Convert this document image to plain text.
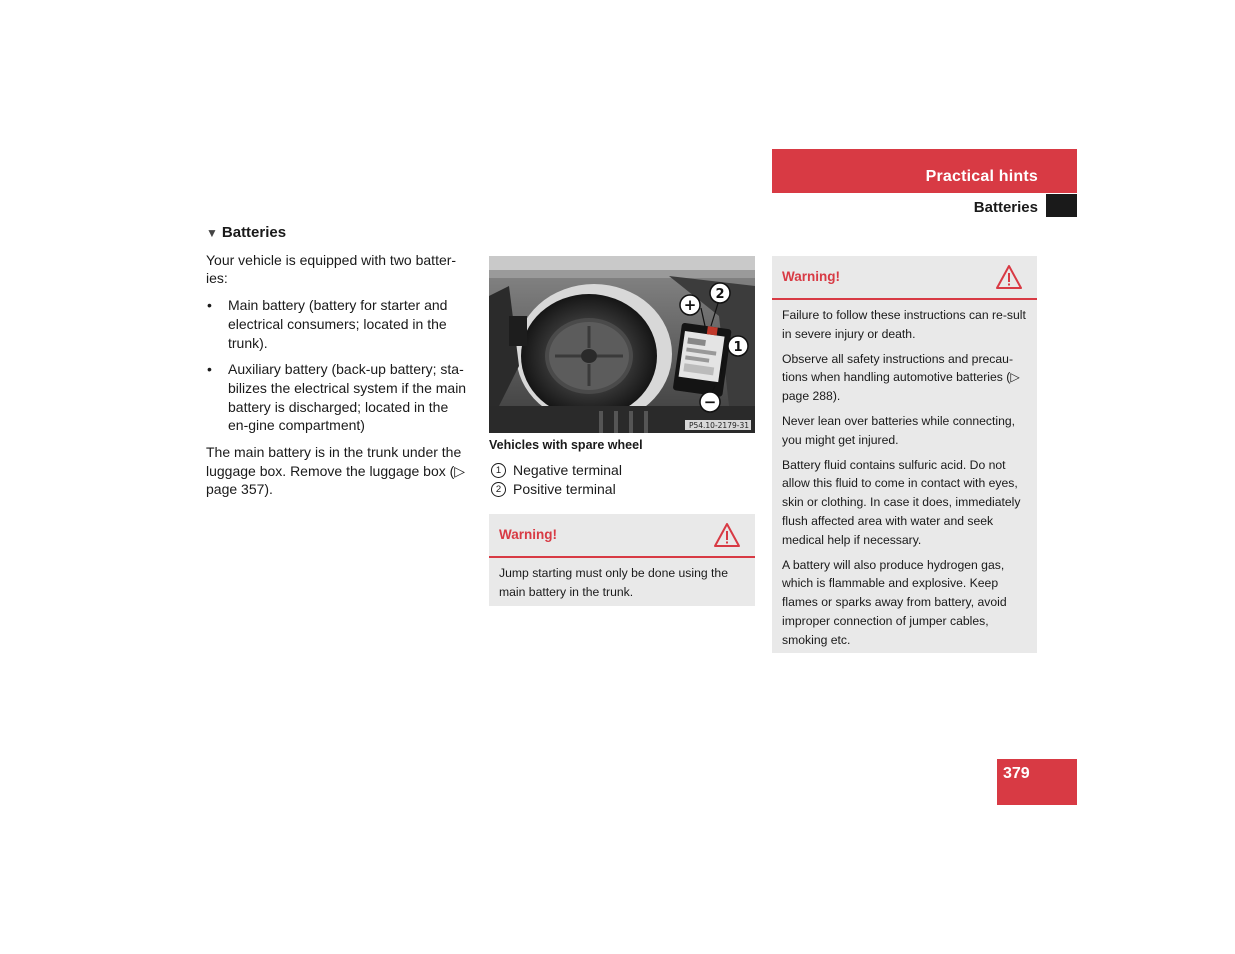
Practical hints
Batteries
▼ Batteries

Your vehicle is equipped with two batter-ies:

• Main battery (battery for starter and electrical consumers; located in the trunk).
• Auxiliary battery (back-up battery; sta-bilizes the electrical system if the main battery is discharged; located in the en-gine compartment)

The main battery is in the trunk under the luggage box. Remove the luggage box (▷ page 357).

+
2
1
−
P54.10-2179-31
Vehicles with spare wheel
1 Negative terminal
2 Positive terminal
Warning!

Jump starting must only be done using the main battery in the trunk.

Warning!

Failure to follow these instructions can re-sult in severe injury or death.

Observe all safety instructions and precau-tions when handling automotive batteries (▷ page 288).

Never lean over batteries while connecting, you might get injured.

Battery fluid contains sulfuric acid. Do not allow this fluid to come in contact with eyes, skin or clothing. In case it does, immediately flush affected area with water and seek medical help if necessary.

A battery will also produce hydrogen gas, which is flammable and explosive. Keep flames or sparks away from battery, avoid improper connection of jumper cables, smoking etc.

379
